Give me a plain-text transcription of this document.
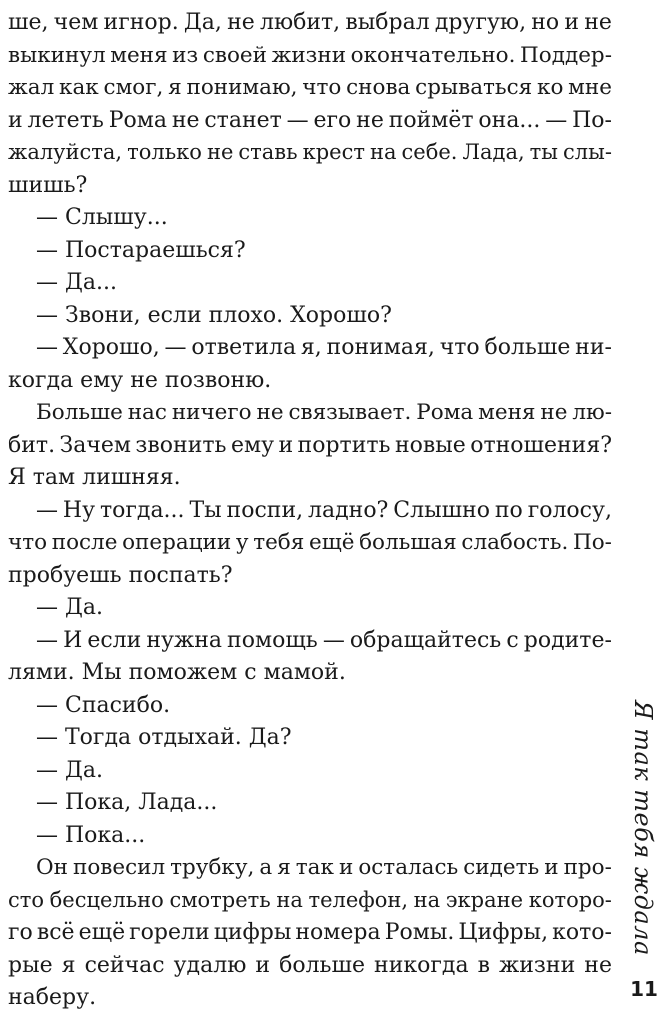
ше, чем игнор. Да, не любит, выбрал другую, но и не
выкинул меня из своей жизни окончательно. Поддер-
жал как смог, я понимаю, что снова срываться ко мне
и лететь Рома не станет — его не поймёт она... — По-
жалуйста, только не ставь крест на себе. Лада, ты слы-
шишь?
— Слышу...
— Постараешься?
— Да...
— Звони, если плохо. Хорошо?
— Хорошо, — ответила я, понимая, что больше ни-
когда ему не позвоню.
Больше нас ничего не связывает. Рома меня не лю-
бит. Зачем звонить ему и портить новые отношения?
Я там лишняя.
— Ну тогда... Ты поспи, ладно? Слышно по голосу,
что после операции у тебя ещё большая слабость. По-
пробуешь поспать?
— Да.
— И если нужна помощь — обращайтесь с родите-
лями. Мы поможем с мамой.
— Спасибо.
— Тогда отдыхай. Да?
— Да.
— Пока, Лада...
— Пока...
Он повесил трубку, а я так и осталась сидеть и про-
сто бесцельно смотреть на телефон, на экране которо-
го всё ещё горели цифры номера Ромы. Цифры, кото-
рые я сейчас удалю и больше никогда в жизни не
наберу.
Я так тебя ждала
11
